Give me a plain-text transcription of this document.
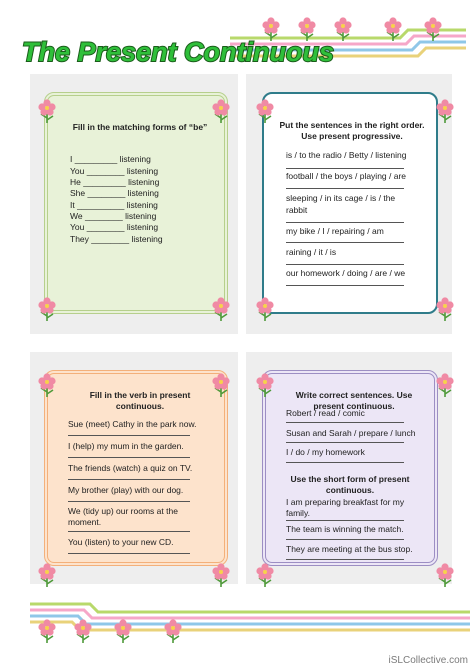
The Present Continuous
Fill in the matching forms of “be”
I _________ listening
You ________ listening
He _________ listening
She ________ listening
It __________ listening
We ________ listening
You ________ listening
They ________ listening
Put the sentences in the right order. Use present progressive.
is / to the radio / Betty / listening
football / the boys / playing / are
sleeping / in its cage / is / the
rabbit
my bike / I / repairing / am
raining / it / is
our homework / doing / are / we
Fill in the verb in present continuous.
Sue (meet) Cathy in the park now.
I (help) my mum in the garden.
The friends (watch) a quiz on TV.
My brother (play) with our dog.
We (tidy up) our rooms at the
moment.
You (listen) to your new CD.
Write correct sentences. Use present continuous.
Robert / read / comic
Susan and Sarah / prepare / lunch
I / do / my homework
Use the short form of present continuous.
I am preparing breakfast for my
family.
The team is winning the match.
They are meeting at the bus stop.
iSLCollective.com
